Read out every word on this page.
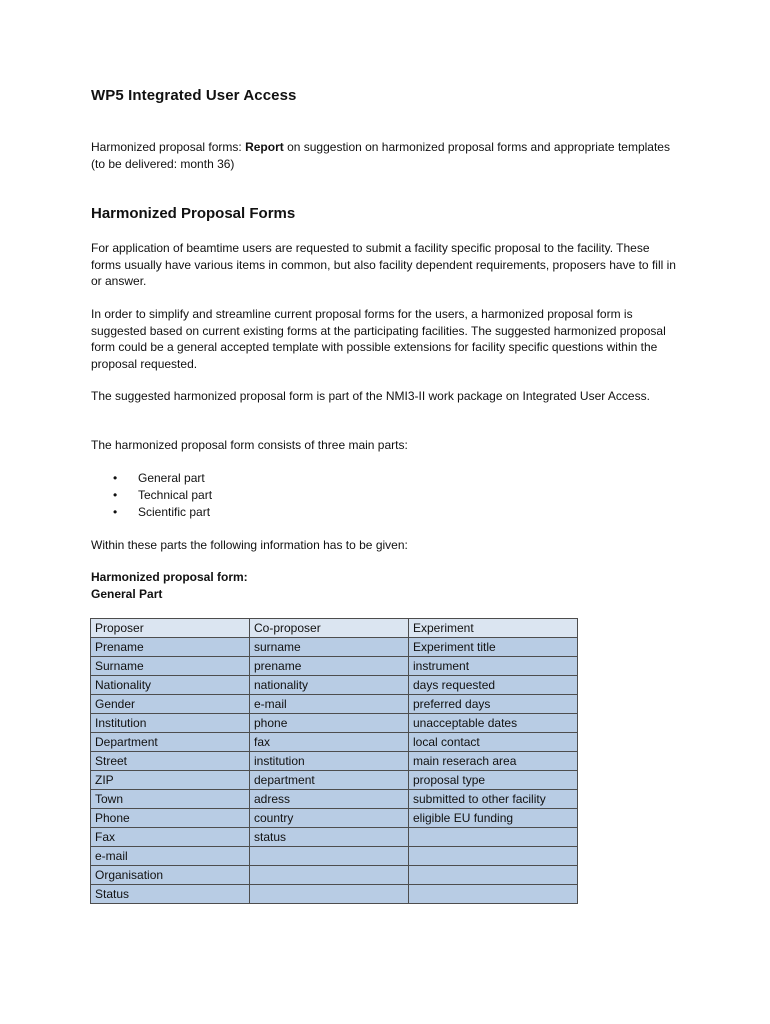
WP5 Integrated User Access
Harmonized proposal forms: Report on suggestion on harmonized proposal forms and appropriate templates (to be delivered: month 36)
Harmonized Proposal Forms
For application of beamtime users are requested to submit a facility specific proposal to the facility. These forms usually have various items in common, but also facility dependent requirements, proposers have to fill in or answer.
In order to simplify and streamline current proposal forms for the users, a harmonized proposal form is suggested based on current existing forms at the participating facilities. The suggested harmonized proposal form could be a general accepted template with possible extensions for facility specific questions within the proposal requested.
The suggested harmonized proposal form is part of the NMI3-II work package on Integrated User Access.
The harmonized proposal form consists of three main parts:
• General part
• Technical part
• Scientific part
Within these parts the following information has to be given:
Harmonized proposal form:
General Part
Proposer	Co-proposer	Experiment
Prename	surname	Experiment title
Surname	prename	instrument
Nationality	nationality	days requested
Gender	e-mail	preferred days
Institution	phone	unacceptable dates
Department	fax	local contact
Street	institution	main reserach area
ZIP	department	proposal type
Town	adress	submitted to other facility
Phone	country	eligible EU funding
Fax	status	
e-mail		
Organisation		
Status		
